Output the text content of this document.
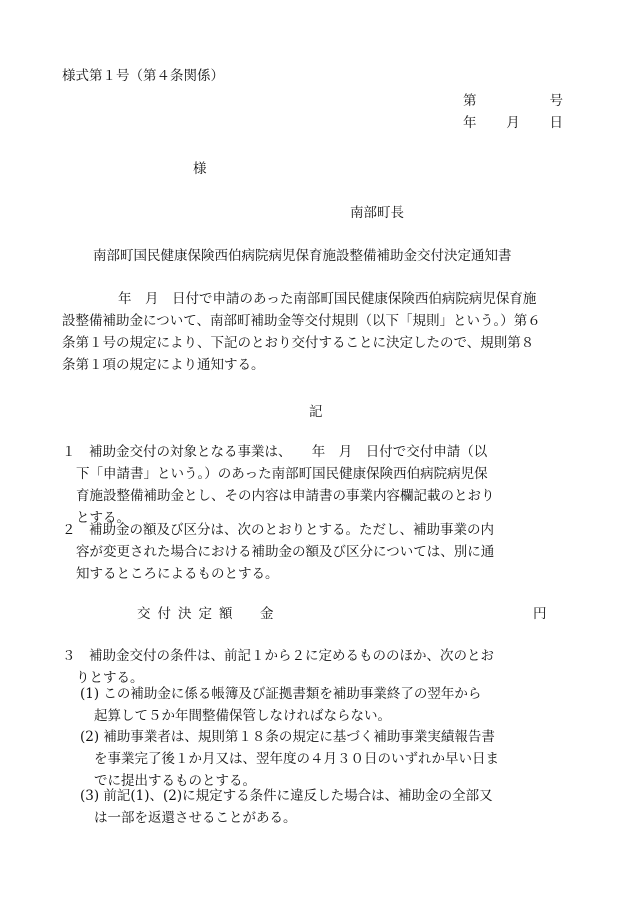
様式第１号（第４条関係）

第	号
年 月 日

様

南部町長

南部町国民健康保険西伯病院病児保育施設整備補助金交付決定通知書

年　月　日付で申請のあった南部町国民健康保険西伯病院病児保育施
設整備補助金について、南部町補助金等交付規則（以下「規則」という。）第６
条第１号の規定により、下記のとおり交付することに決定したので、規則第８
条第１項の規定により通知する。

記

１　補助金交付の対象となる事業は、　　年　月　日付で交付申請（以
下「申請書」という。）のあった南部町国民健康保険西伯病院病児保
育施設整備補助金とし、その内容は申請書の事業内容欄記載のとおり
とする。
２　補助金の額及び区分は、次のとおりとする。ただし、補助事業の内
容が変更された場合における補助金の額及び区分については、別に通
知するところによるものとする。

交付決定額　金	円

３　補助金交付の条件は、前記１から２に定めるもののほか、次のとお
りとする。
(1) この補助金に係る帳簿及び証拠書類を補助事業終了の翌年から
起算して５か年間整備保管しなければならない。
(2) 補助事業者は、規則第１８条の規定に基づく補助事業実績報告書
を事業完了後１か月又は、翌年度の４月３０日のいずれか早い日ま
でに提出するものとする。
(3) 前記(1)、(2)に規定する条件に違反した場合は、補助金の全部又
は一部を返還させることがある。
